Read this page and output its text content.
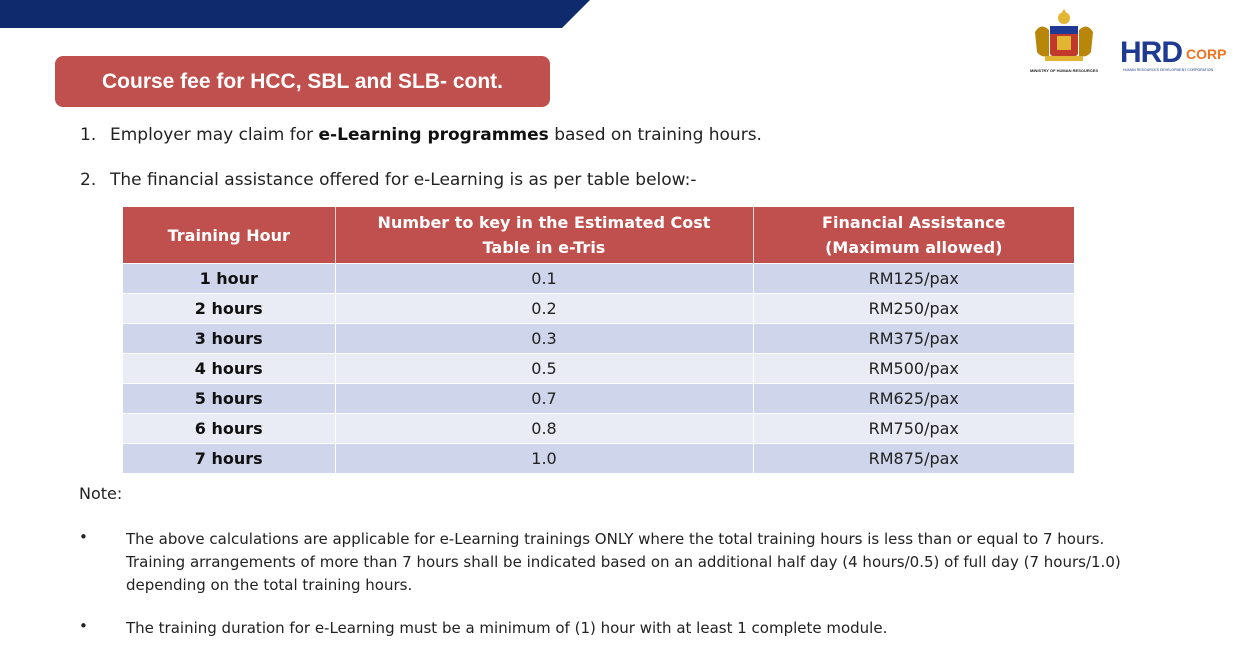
Course fee for HCC, SBL and SLB- cont.	MINISTRY OF HUMAN RESOURCES
HRD CORP
HUMAN RESOURCES DEVELOPMENT CORPORATION
1. Employer may claim for e-Learning programmes based on training hours.
2. The financial assistance offered for e-Learning is as per table below:-
Training Hour	Number to key in the Estimated Cost Table in e-Tris	Financial Assistance (Maximum allowed)
1 hour	0.1	RM125/pax
2 hours	0.2	RM250/pax
3 hours	0.3	RM375/pax
4 hours	0.5	RM500/pax
5 hours	0.7	RM625/pax
6 hours	0.8	RM750/pax
7 hours	1.0	RM875/pax
Note:
•	The above calculations are applicable for e-Learning trainings ONLY where the total training hours is less than or equal to 7 hours. Training arrangements of more than 7 hours shall be indicated based on an additional half day (4 hours/0.5) of full day (7 hours/1.0) depending on the total training hours.
•	The training duration for e-Learning must be a minimum of (1) hour with at least 1 complete module.
